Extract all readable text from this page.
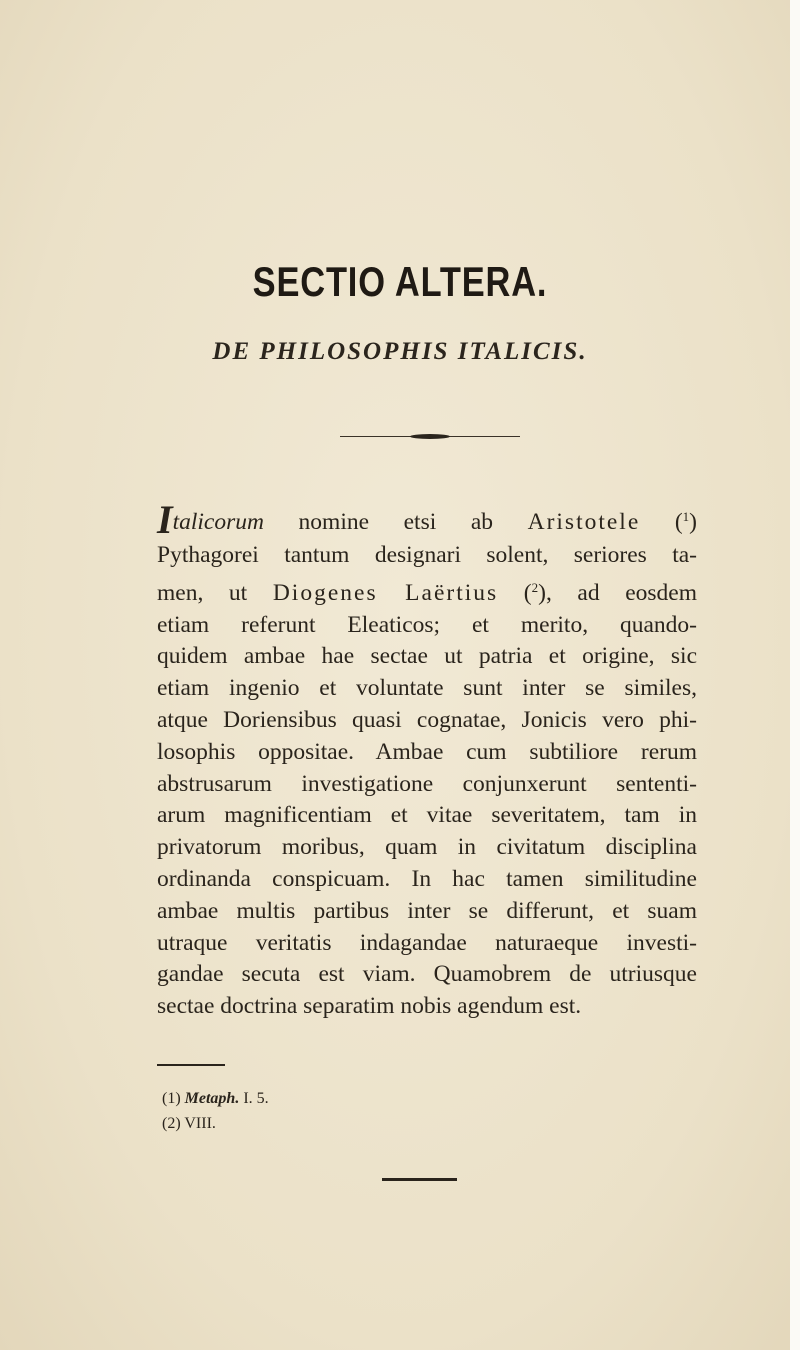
SECTIO ALTERA.
DE PHILOSOPHIS ITALICIS.
Italicorum nomine etsi ab Aristotele ($^1$)
Pythagorei tantum designari solent, seriores ta-
men, ut Diogenes Laërtius ($^2$), ad eosdem
etiam referunt Eleaticos; et merito, quando-
quidem ambae hae sectae ut patria et origine, sic
etiam ingenio et voluntate sunt inter se similes,
atque Doriensibus quasi cognatae, Jonicis vero phi-
losophis oppositae. Ambae cum subtiliore rerum
abstrusarum investigatione conjunxerunt sententi-
arum magnificentiam et vitae severitatem, tam in
privatorum moribus, quam in civitatum disciplina
ordinanda conspicuam. In hac tamen similitudine
ambae multis partibus inter se differunt, et suam
utraque veritatis indagandae naturaeque investi-
gandae secuta est viam. Quamobrem de utriusque
sectae doctrina separatim nobis agendum est.
(1) Metaph. I. 5.
(2) VIII.
